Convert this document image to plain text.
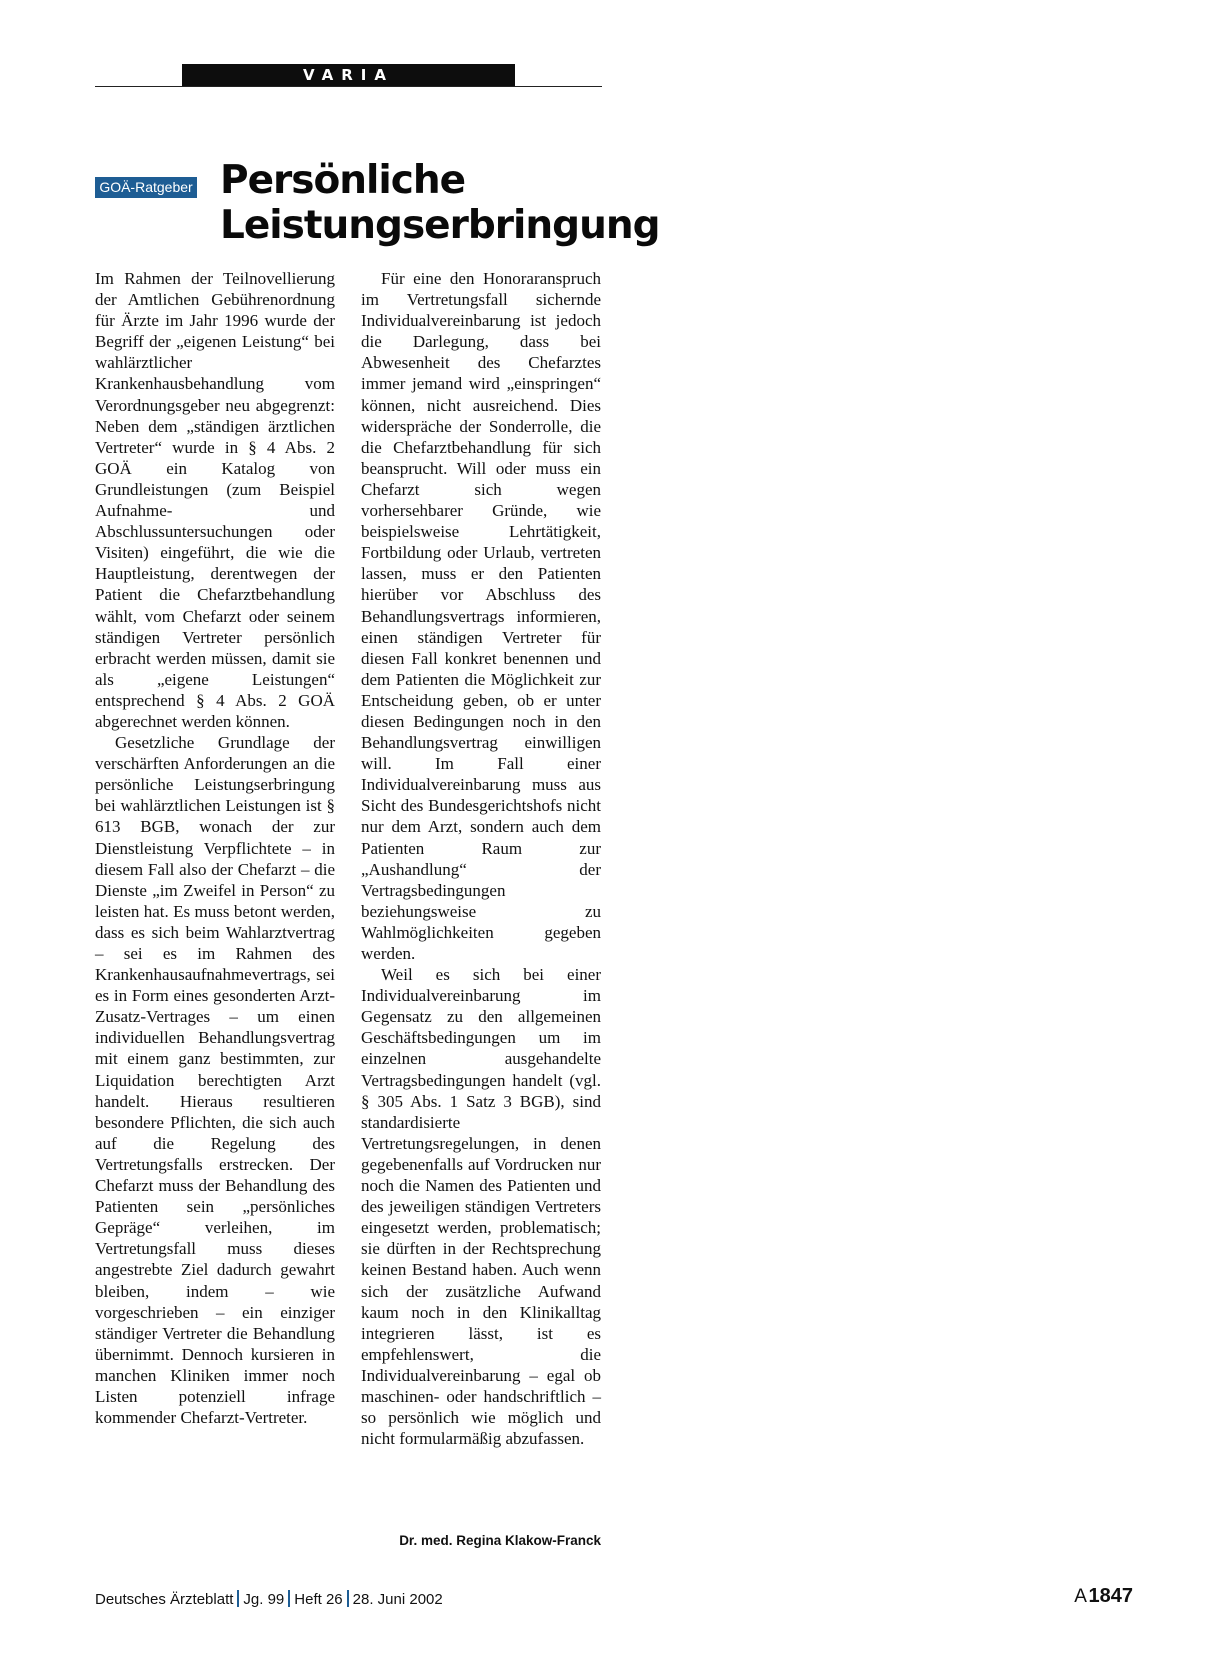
VARIA
GOÄ-Ratgeber Persönliche
Leistungserbringung

Im Rahmen der Teilnovellierung der Amtlichen Gebührenordnung für Ärzte im Jahr 1996 wurde der Begriff der „eigenen Leistung“ bei wahlärztlicher Krankenhausbehandlung vom Verordnungsgeber neu abgegrenzt: Neben dem „ständigen ärztlichen Vertreter“ wurde in § 4 Abs. 2 GOÄ ein Katalog von Grundleistungen (zum Beispiel Aufnahme- und Abschlussuntersuchungen oder Visiten) eingeführt, die wie die Hauptleistung, derentwegen der Patient die Chefarztbehandlung wählt, vom Chefarzt oder seinem ständigen Vertreter persönlich erbracht werden müssen, damit sie als „eigene Leistungen“ entsprechend § 4 Abs. 2 GOÄ abgerechnet werden können.

Gesetzliche Grundlage der verschärften Anforderungen an die persönliche Leistungserbringung bei wahlärztlichen Leistungen ist § 613 BGB, wonach der zur Dienstleistung Verpflichtete – in diesem Fall also der Chefarzt – die Dienste „im Zweifel in Person“ zu leisten hat. Es muss betont werden, dass es sich beim Wahlarztvertrag – sei es im Rahmen des Krankenhausaufnahmevertrags, sei es in Form eines gesonderten Arzt-Zusatz-Vertrages – um einen individuellen Behandlungsvertrag mit einem ganz bestimmten, zur Liquidation berechtigten Arzt handelt. Hieraus resultieren besondere Pflichten, die sich auch auf die Regelung des Vertretungsfalls erstrecken. Der Chefarzt muss der Behandlung des Patienten sein „persönliches Gepräge“ verleihen, im Vertretungsfall muss dieses angestrebte Ziel dadurch gewahrt bleiben, indem – wie vorgeschrieben – ein einziger ständiger Vertreter die Behandlung übernimmt. Dennoch kursieren in manchen Kliniken immer noch Listen potenziell infrage kommender Chefarzt-Vertreter.

Für eine den Honoraranspruch im Vertretungsfall sichernde Individualvereinbarung ist jedoch die Darlegung, dass bei Abwesenheit des Chefarztes immer jemand wird „einspringen“ können, nicht ausreichend. Dies widerspräche der Sonderrolle, die die Chefarztbehandlung für sich beansprucht. Will oder muss ein Chefarzt sich wegen vorhersehbarer Gründe, wie beispielsweise Lehrtätigkeit, Fortbildung oder Urlaub, vertreten lassen, muss er den Patienten hierüber vor Abschluss des Behandlungsvertrags informieren, einen ständigen Vertreter für diesen Fall konkret benennen und dem Patienten die Möglichkeit zur Entscheidung geben, ob er unter diesen Bedingungen noch in den Behandlungsvertrag einwilligen will. Im Fall einer Individualvereinbarung muss aus Sicht des Bundesgerichtshofs nicht nur dem Arzt, sondern auch dem Patienten Raum zur „Aushandlung“ der Vertragsbedingungen beziehungsweise zu Wahlmöglichkeiten gegeben werden.

Weil es sich bei einer Individualvereinbarung im Gegensatz zu den allgemeinen Geschäftsbedingungen um im einzelnen ausgehandelte Vertragsbedingungen handelt (vgl. § 305 Abs. 1 Satz 3 BGB), sind standardisierte Vertretungsregelungen, in denen gegebenenfalls auf Vordrucken nur noch die Namen des Patienten und des jeweiligen ständigen Vertreters eingesetzt werden, problematisch; sie dürften in der Rechtsprechung keinen Bestand haben. Auch wenn sich der zusätzliche Aufwand kaum noch in den Klinikalltag integrieren lässt, ist es empfehlenswert, die Individualvereinbarung – egal ob maschinen- oder handschriftlich – so persönlich wie möglich und nicht formularmäßig abzufassen.

Dr. med. Regina Klakow-Franck
Deutsches Ärzteblatt Jg. 99 Heft 26 28. Juni 2002	A 1847
